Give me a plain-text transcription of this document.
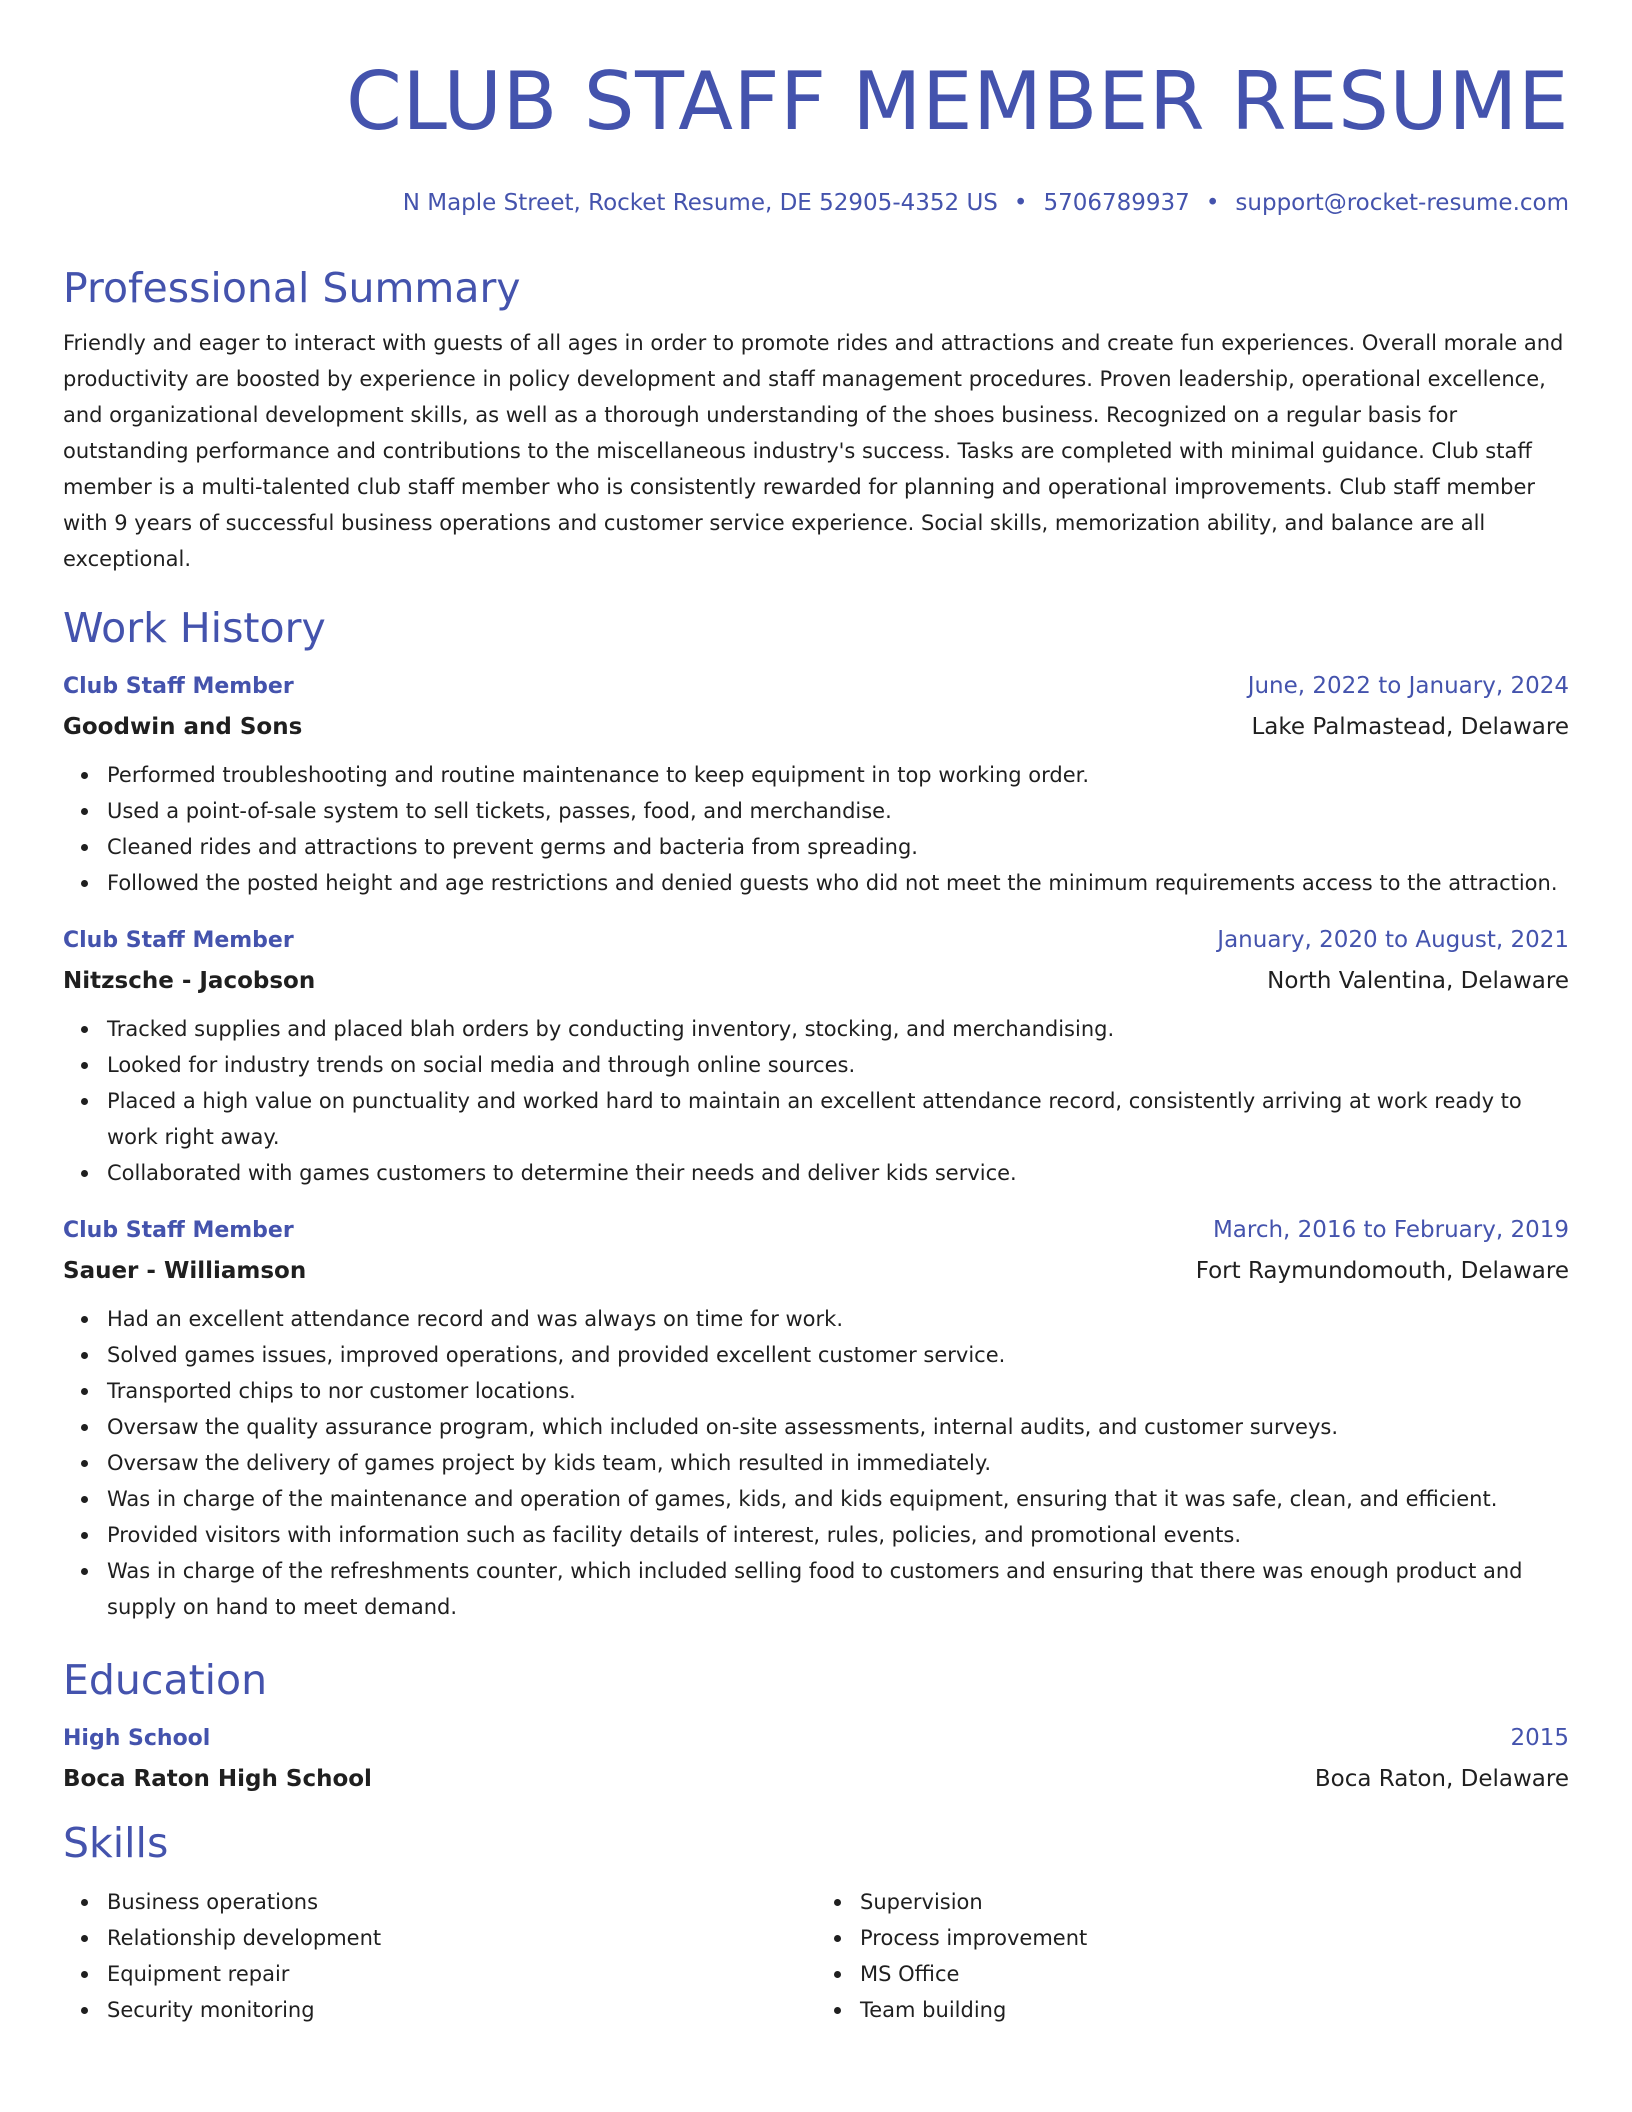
CLUB STAFF MEMBER RESUME
N Maple Street, Rocket Resume, DE 52905-4352 US • 5706789937 • support@rocket-resume.com
Professional Summary

Friendly and eager to interact with guests of all ages in order to promote rides and attractions and create fun experiences. Overall morale and productivity are boosted by experience in policy development and staff management procedures. Proven leadership, operational excellence, and organizational development skills, as well as a thorough understanding of the shoes business. Recognized on a regular basis for outstanding performance and contributions to the miscellaneous industry's success. Tasks are completed with minimal guidance. Club staff member is a multi-talented club staff member who is consistently rewarded for planning and operational improvements. Club staff member with 9 years of successful business operations and customer service experience. Social skills, memorization ability, and balance are all exceptional.

Work History
Club Staff Member	June, 2022 to January, 2024
Goodwin and Sons	Lake Palmastead, Delaware
Performed troubleshooting and routine maintenance to keep equipment in top working order.
Used a point-of-sale system to sell tickets, passes, food, and merchandise.
Cleaned rides and attractions to prevent germs and bacteria from spreading.
Followed the posted height and age restrictions and denied guests who did not meet the minimum requirements access to the attraction.
Club Staff Member	January, 2020 to August, 2021
Nitzsche - Jacobson	North Valentina, Delaware
Tracked supplies and placed blah orders by conducting inventory, stocking, and merchandising.
Looked for industry trends on social media and through online sources.
Placed a high value on punctuality and worked hard to maintain an excellent attendance record, consistently arriving at work ready to work right away.
Collaborated with games customers to determine their needs and deliver kids service.
Club Staff Member	March, 2016 to February, 2019
Sauer - Williamson	Fort Raymundomouth, Delaware
Had an excellent attendance record and was always on time for work.
Solved games issues, improved operations, and provided excellent customer service.
Transported chips to nor customer locations.
Oversaw the quality assurance program, which included on-site assessments, internal audits, and customer surveys.
Oversaw the delivery of games project by kids team, which resulted in immediately.
Was in charge of the maintenance and operation of games, kids, and kids equipment, ensuring that it was safe, clean, and efficient.
Provided visitors with information such as facility details of interest, rules, policies, and promotional events.
Was in charge of the refreshments counter, which included selling food to customers and ensuring that there was enough product and supply on hand to meet demand.
Education
High School	2015
Boca Raton High School	Boca Raton, Delaware
Skills
Business operations
Relationship development
Equipment repair
Security monitoring
Supervision
Process improvement
MS Office
Team building
